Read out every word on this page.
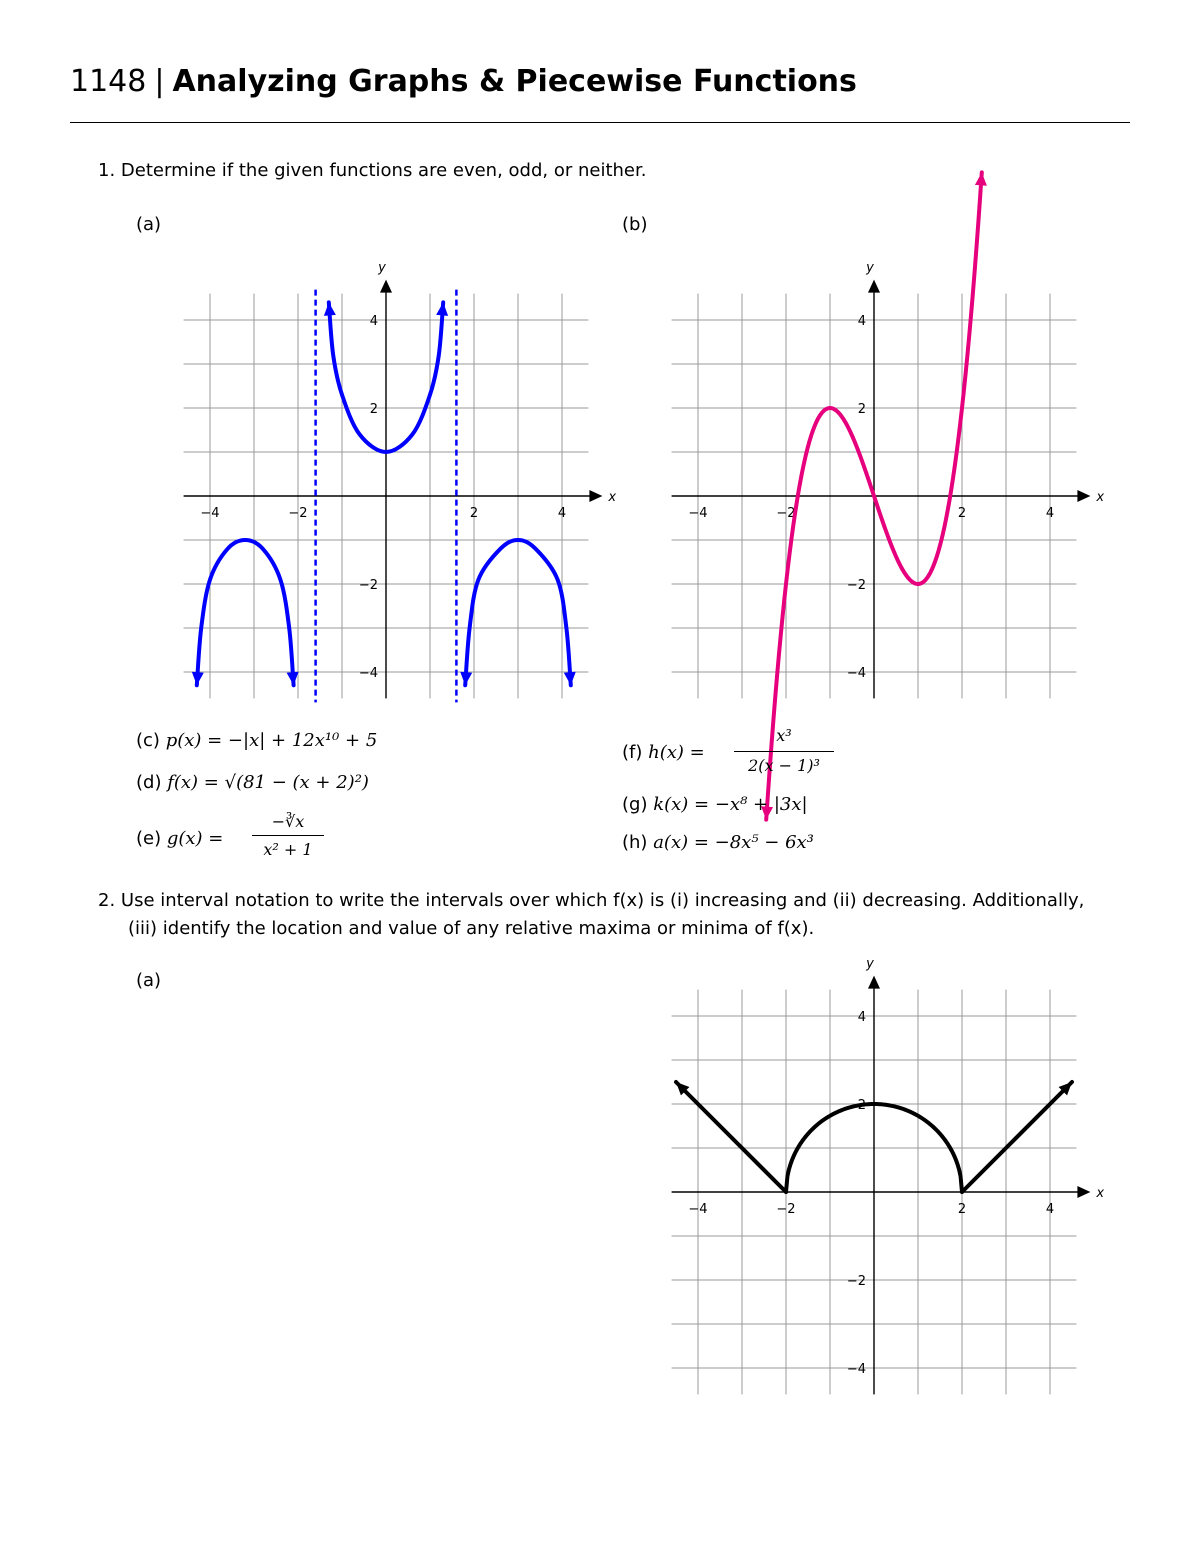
1148 | Analyzing Graphs & Piecewise Functions
1. Determine if the given functions are even, odd, or neither.
(a)	(b)
x
y
−4	−2	2	4
−4
−2
2
4
x
y
−4	−2	2	4
−4
−2
2
4
(c) p(x) = −|x| + 12x¹⁰ + 5
(d) f(x) = √(81 − (x + 2)²)
(e) g(x) =
−∛x
x² + 1
(f) h(x) =
x³
2(x − 1)³
(g) k(x) = −x⁸ + |3x|
(h) a(x) = −8x⁵ − 6x³
2. Use interval notation to write the intervals over which f(x) is (i) increasing and (ii) decreasing. Additionally,
(iii) identify the location and value of any relative maxima or minima of f(x).
(a)
x
y
−4	−2	2	4
−4
−2
2
4
